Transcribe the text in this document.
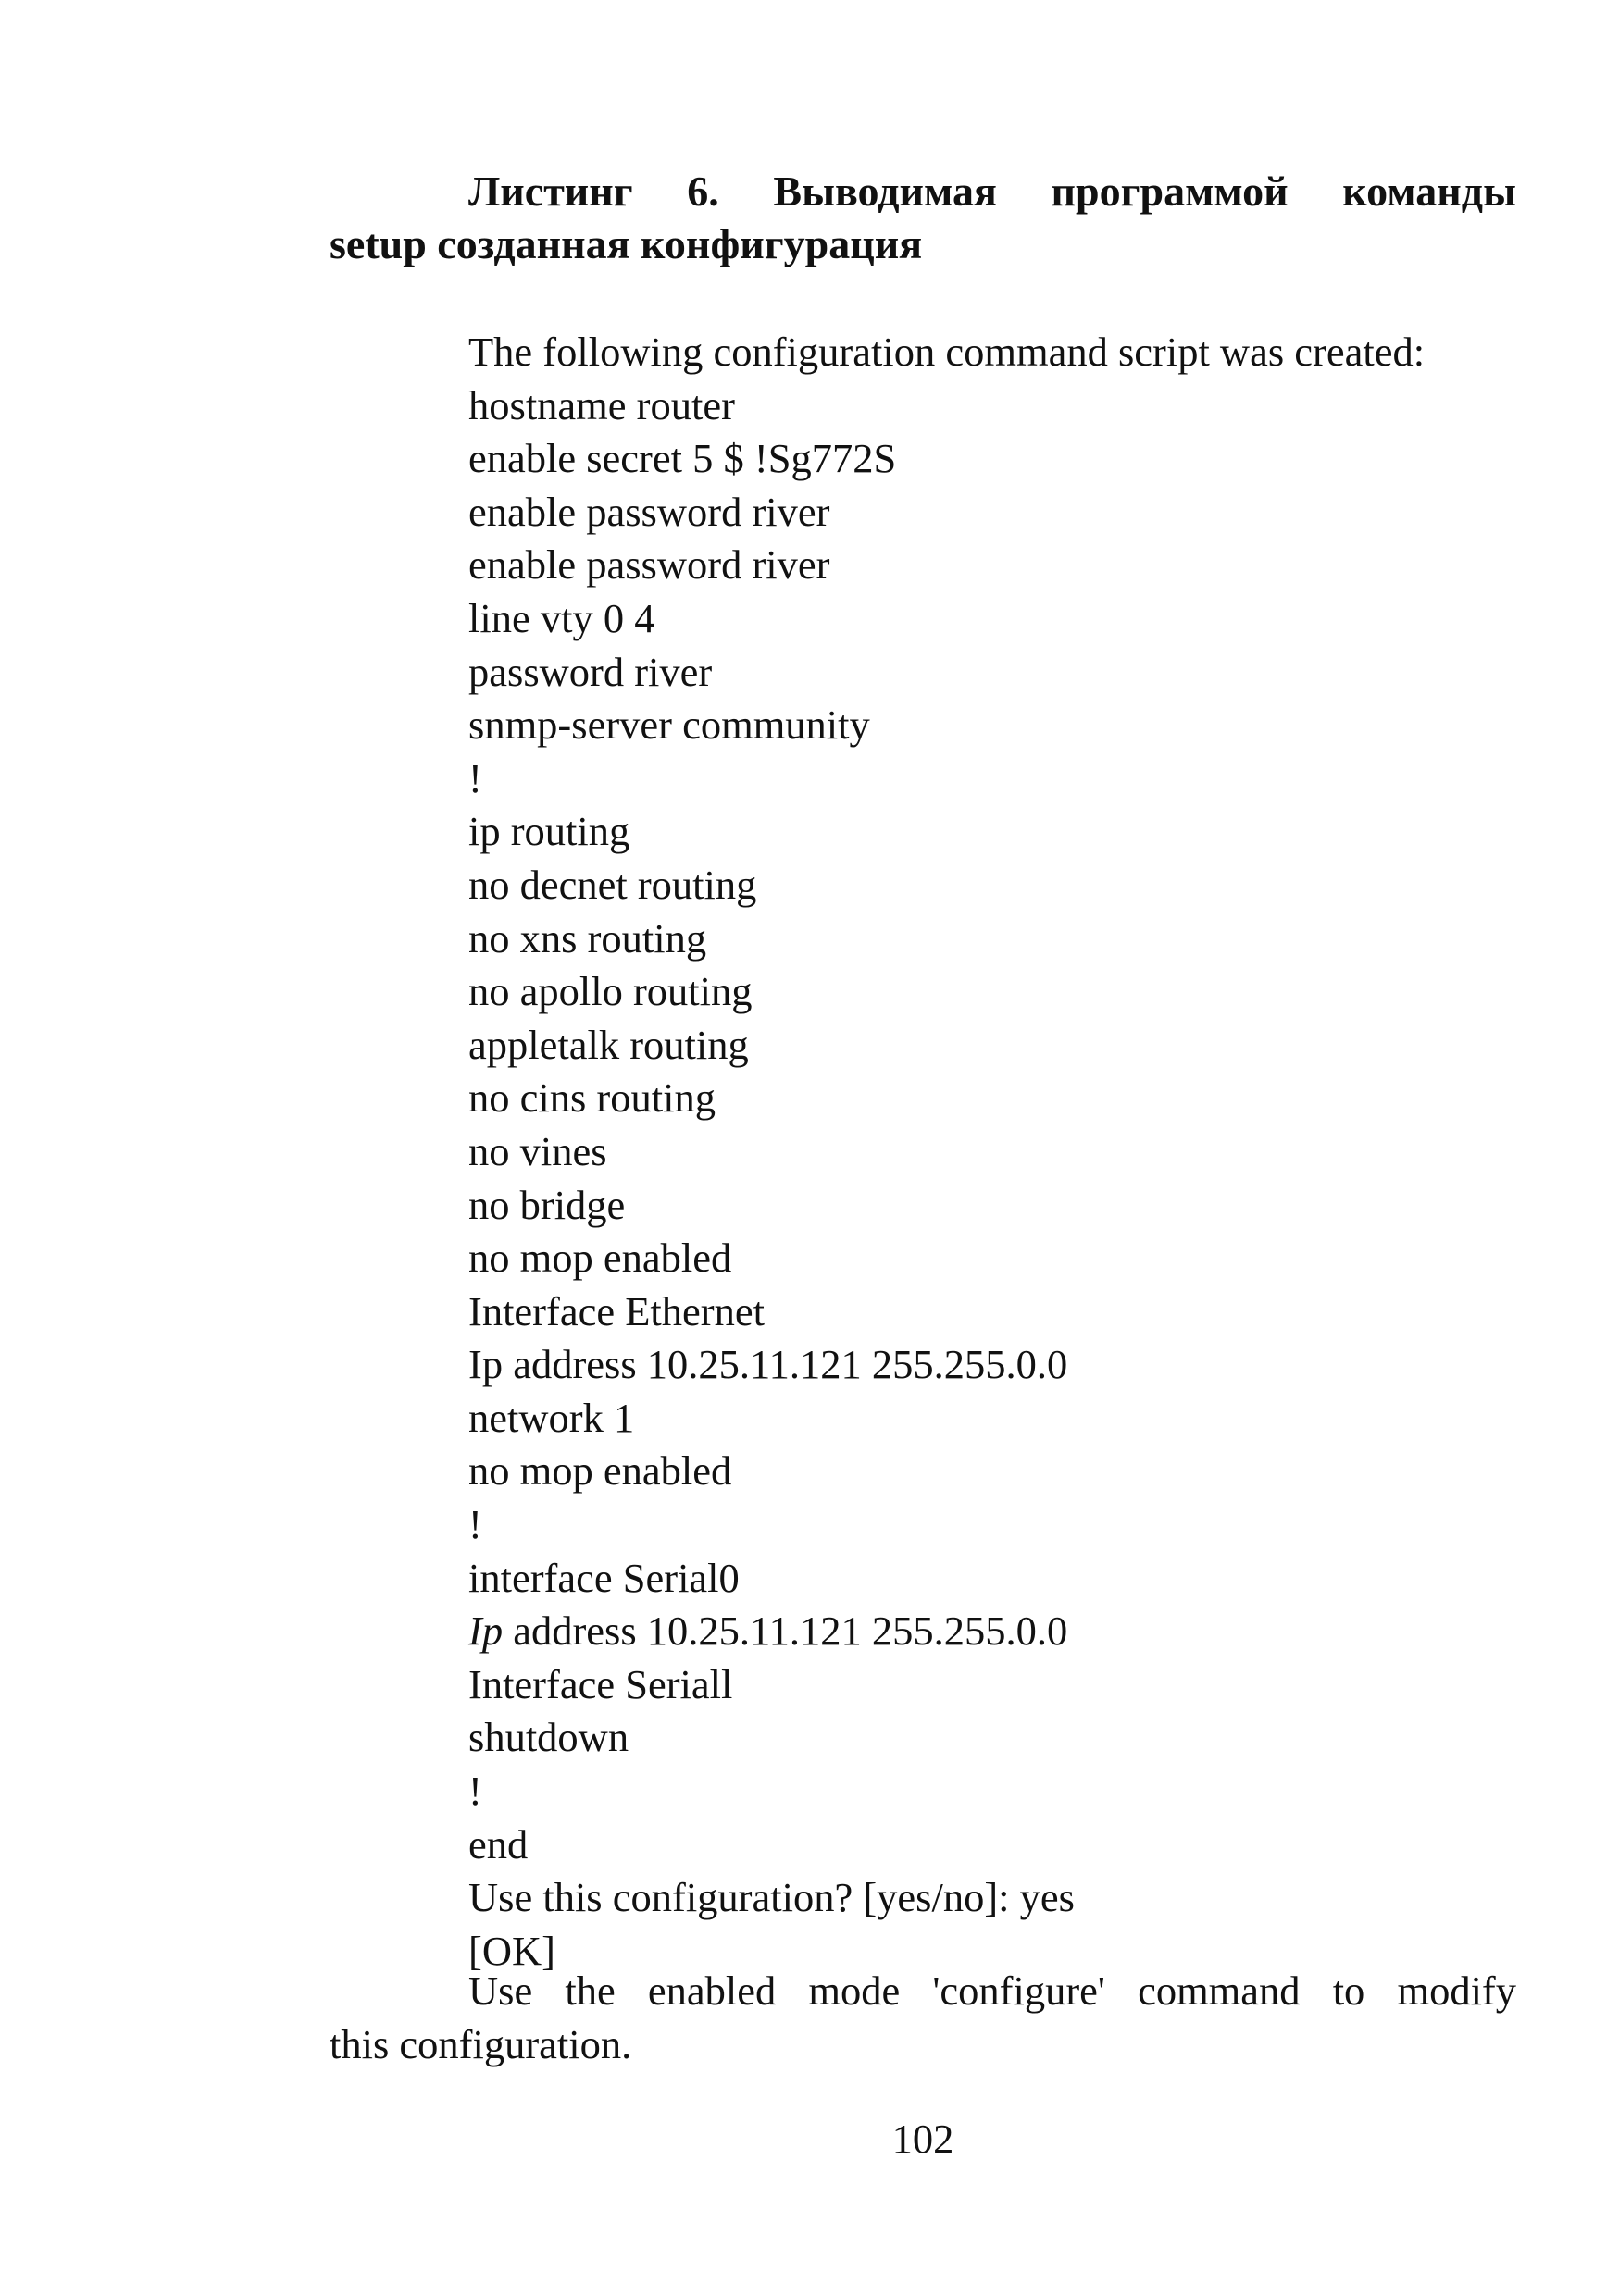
Листинг 6. Выводимая программой команды
setup созданная конфигурация
The following configuration command script was created:
hostname router
enable secret 5 $ !Sg772S
enable password river
enable password river
line vty 0 4
password river
snmp-server community
!
ip routing
no decnet routing
no xns routing
no apollo routing
appletalk routing
no cins routing
no vines
no bridge
no mop enabled
Interface Ethernet
Ip address 10.25.11.121 255.255.0.0
network 1
no mop enabled
!
interface Serial0
Ip address 10.25.11.121 255.255.0.0
Interface Seriall
shutdown
!
end
Use this configuration? [yes/no]: yes
[OK]
Use the enabled mode 'configure' command to modify
this configuration.
102
